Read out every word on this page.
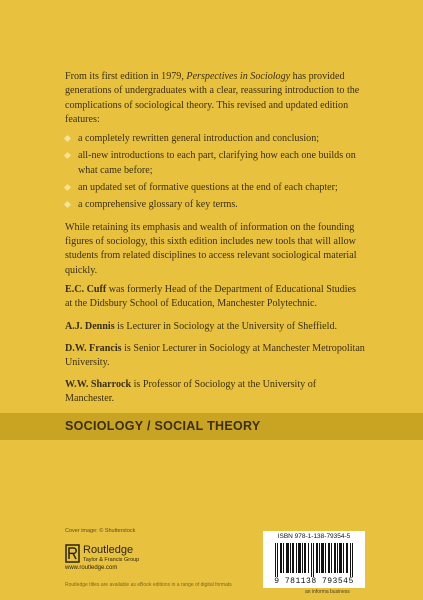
From its first edition in 1979, Perspectives in Sociology has provided generations of undergraduates with a clear, reassuring introduction to the complications of sociological theory. This revised and updated edition features:

a completely rewritten general introduction and conclusion;
all-new introductions to each part, clarifying how each one builds on what came before;
an updated set of formative questions at the end of each chapter;
a comprehensive glossary of key terms.

While retaining its emphasis and wealth of information on the founding figures of sociology, this sixth edition includes new tools that will allow students from related disciplines to access relevant sociological material quickly.

E.C. Cuff was formerly Head of the Department of Educational Studies at the Didsbury School of Education, Manchester Polytechnic.
A.J. Dennis is Lecturer in Sociology at the University of Sheffield.
D.W. Francis is Senior Lecturer in Sociology at Manchester Metropolitan University.
W.W. Sharrock is Professor of Sociology at the University of Manchester.
SOCIOLOGY / SOCIAL THEORY
Cover image: © Shutterstock
Routledge
Taylor & Francis Group
www.routledge.com
Routledge titles are available as eBook editions in a range of digital formats
ISBN 978-1-138-79354-5
9 781138 793545
an informa business
